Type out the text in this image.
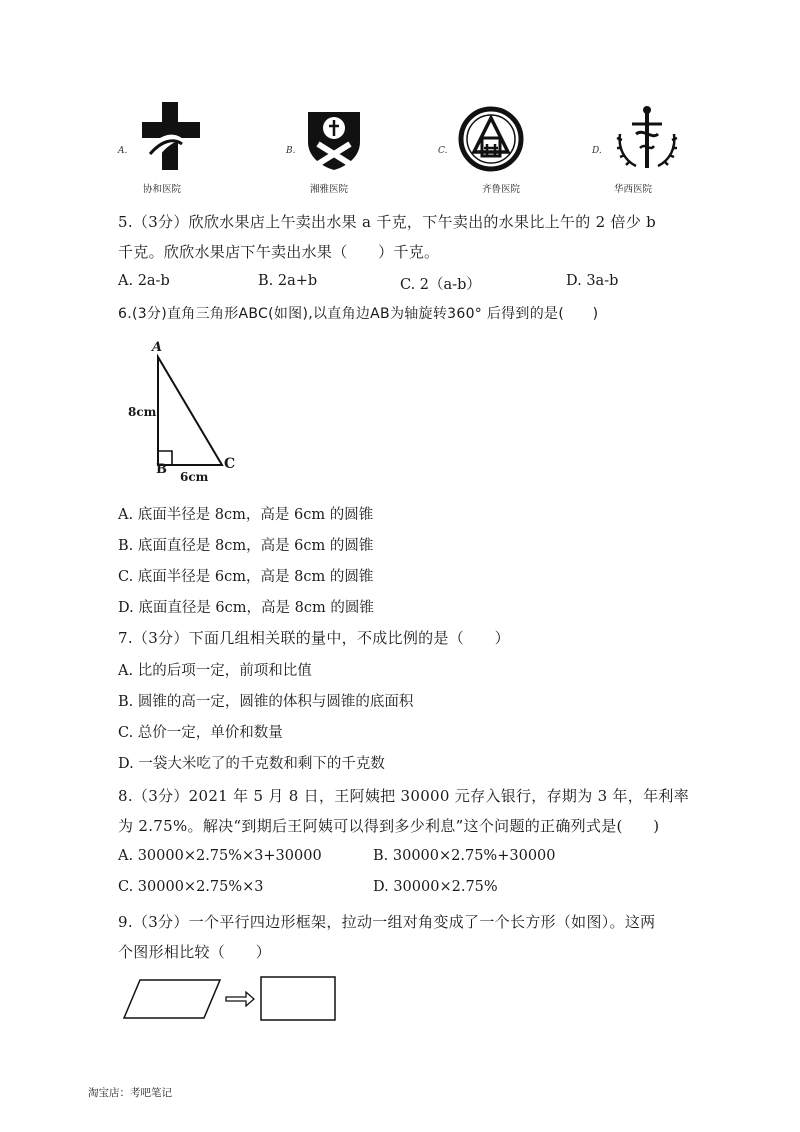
A.
协和医院
B.
湘雅医院
C.
齐鲁医院
D.
华西医院
5.（3分）欣欣水果店上午卖出水果 a 千克，下午卖出的水果比上午的 2 倍少 b
千克。欣欣水果店下午卖出水果（　　）千克。
A. 2a-b	B. 2a+b	C. 2（a-b）	D. 3a-b
6.(3分)直角三角形ABC(如图),以直角边AB为轴旋转360° 后得到的是(　　)
A
8cm
B 6cm
C
A. 底面半径是 8cm，高是 6cm 的圆锥
B. 底面直径是 8cm，高是 6cm 的圆锥
C. 底面半径是 6cm，高是 8cm 的圆锥
D. 底面直径是 6cm，高是 8cm 的圆锥
7.（3分）下面几组相关联的量中，不成比例的是（　　）
A. 比的后项一定，前项和比值
B. 圆锥的高一定，圆锥的体积与圆锥的底面积
C. 总价一定，单价和数量
D. 一袋大米吃了的千克数和剩下的千克数
8.（3分）2021 年 5 月 8 日，王阿姨把 30000 元存入银行，存期为 3 年，年利率
为 2.75%。解决“到期后王阿姨可以得到多少利息”这个问题的正确列式是(　　)
A. 30000×2.75%×3+30000	B. 30000×2.75%+30000
C. 30000×2.75%×3	D. 30000×2.75%
9.（3分）一个平行四边形框架，拉动一组对角变成了一个长方形（如图）。这两
个图形相比较（　　）
淘宝店：考吧笔记
